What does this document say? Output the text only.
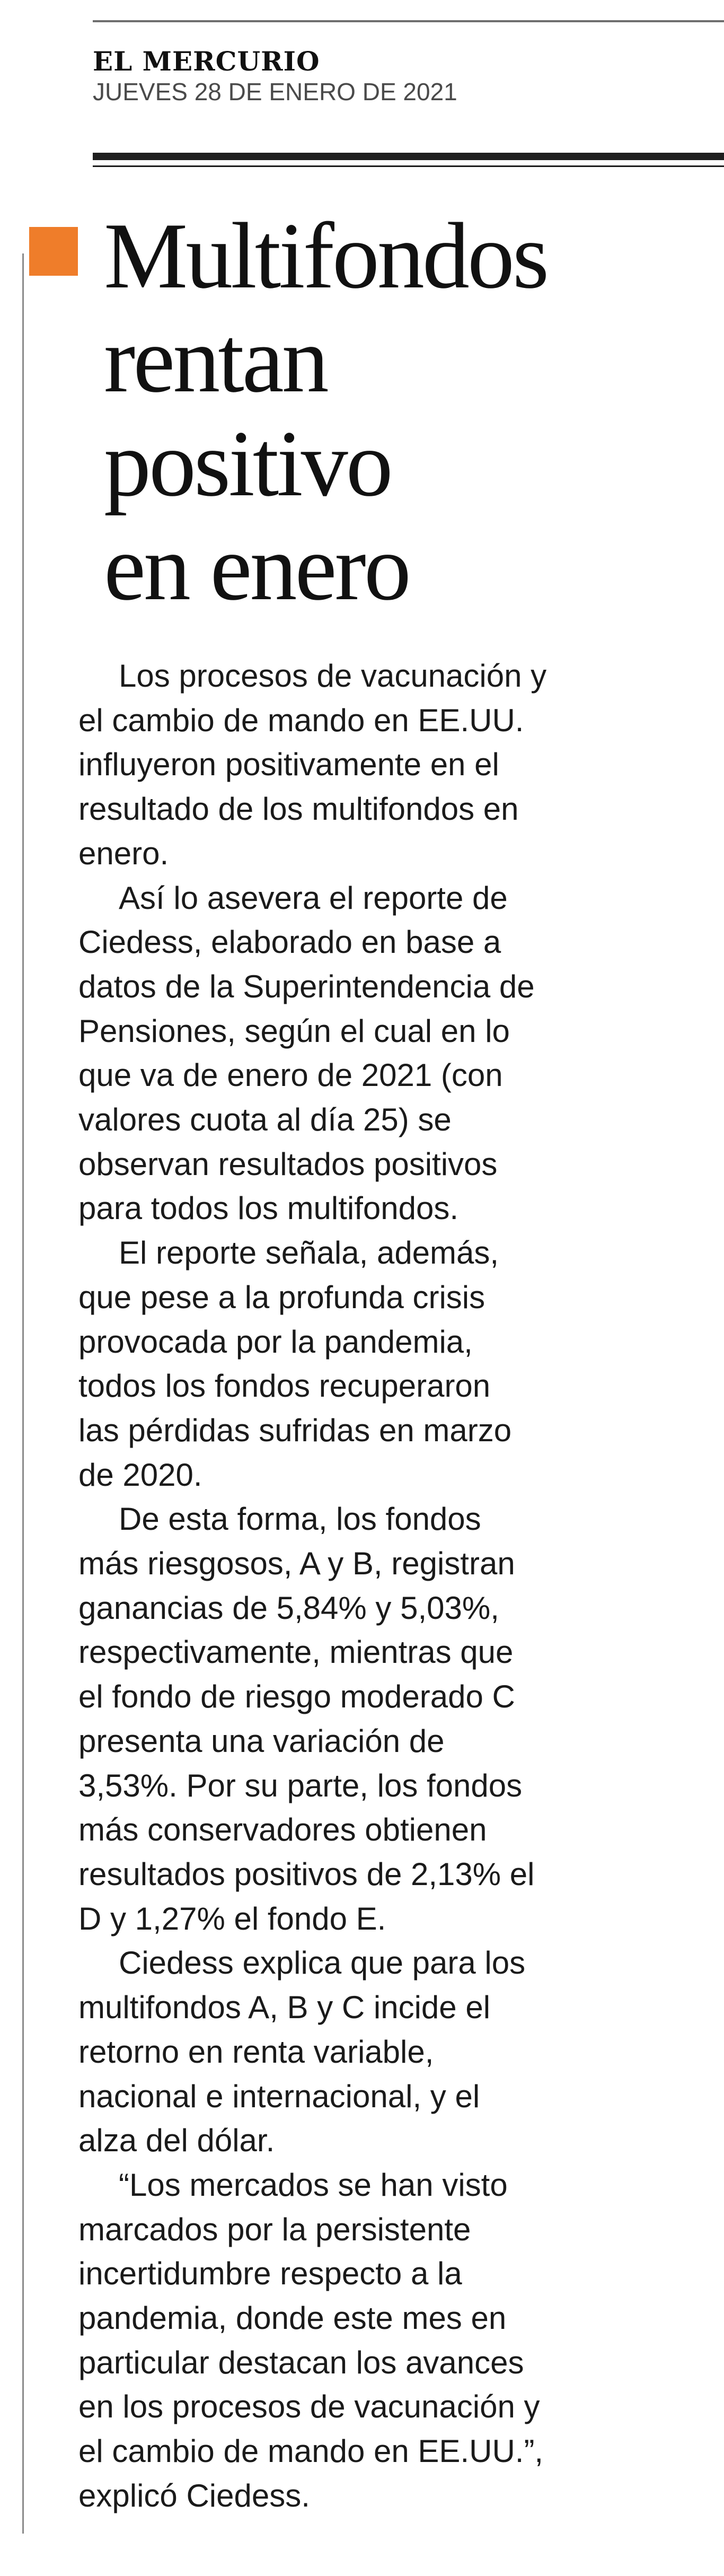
EL MERCURIO
JUEVES 28 DE ENERO DE 2021
Multifondos
rentan
positivo
en enero

Los procesos de vacunación y
el cambio de mando en EE.UU.
influyeron positivamente en el
resultado de los multifondos en
enero.

Así lo asevera el reporte de
Ciedess, elaborado en base a
datos de la Superintendencia de
Pensiones, según el cual en lo
que va de enero de 2021 (con
valores cuota al día 25) se
observan resultados positivos
para todos los multifondos.

El reporte señala, además,
que pese a la profunda crisis
provocada por la pandemia,
todos los fondos recuperaron
las pérdidas sufridas en marzo
de 2020.

De esta forma, los fondos
más riesgosos, A y B, registran
ganancias de 5,84% y 5,03%,
respectivamente, mientras que
el fondo de riesgo moderado C
presenta una variación de
3,53%. Por su parte, los fondos
más conservadores obtienen
resultados positivos de 2,13% el
D y 1,27% el fondo E.

Ciedess explica que para los
multifondos A, B y C incide el
retorno en renta variable,
nacional e internacional, y el
alza del dólar.

“Los mercados se han visto
marcados por la persistente
incertidumbre respecto a la
pandemia, donde este mes en
particular destacan los avances
en los procesos de vacunación y
el cambio de mando en EE.UU.”,
explicó Ciedess.
